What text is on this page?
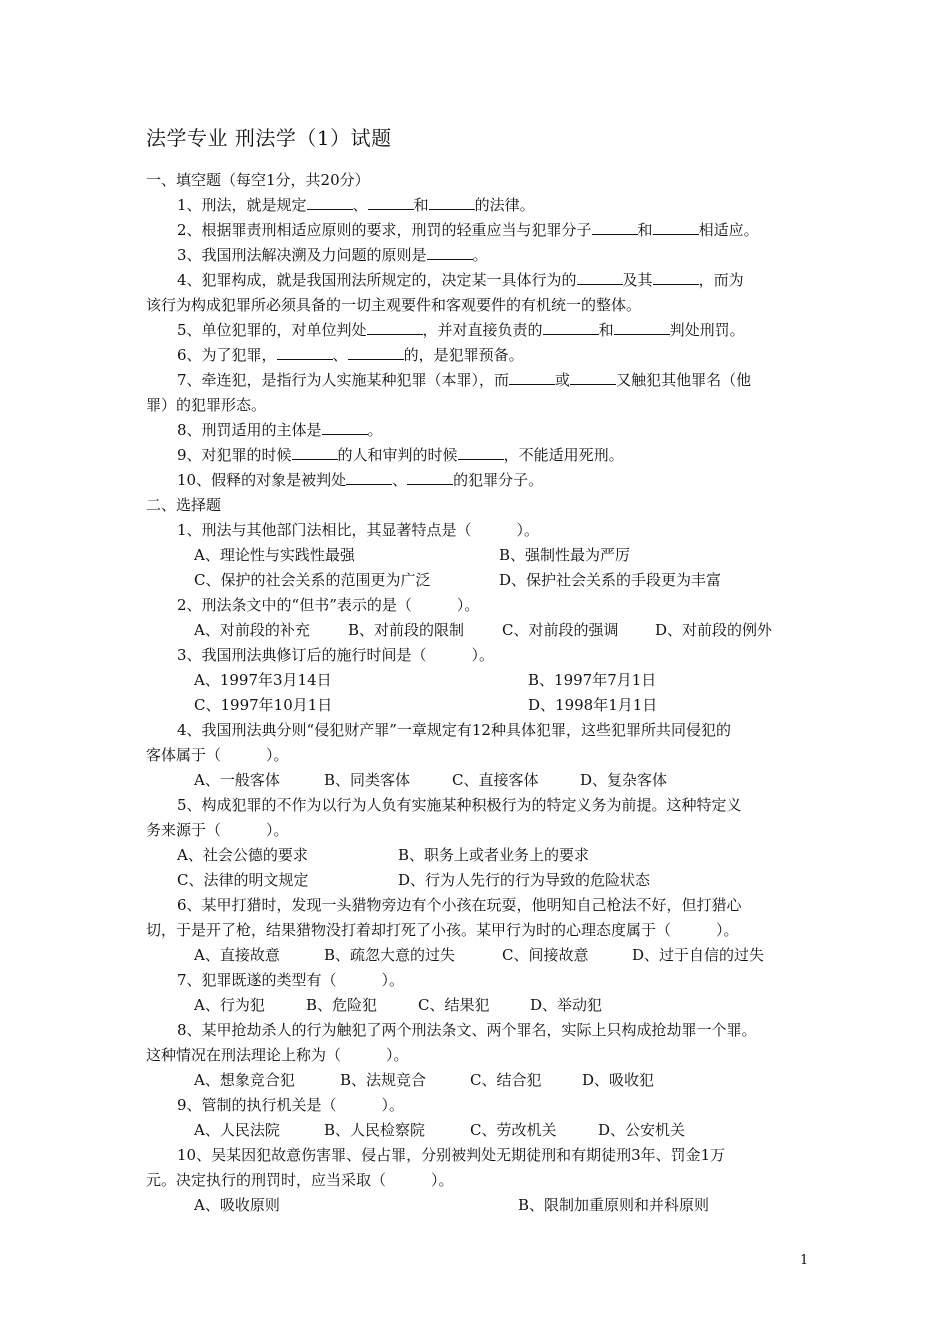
法学专业 刑法学（1）试题
一、填空题（每空1分，共20分）
1、刑法，就是规定	、	和	的法律。
2、根据罪责刑相适应原则的要求，刑罚的轻重应当与犯罪分子	和	相适应。
3、我国刑法解决溯及力问题的原则是	。
4、犯罪构成，就是我国刑法所规定的，决定某一具体行为的	及其	，而为
该行为构成犯罪所必须具备的一切主观要件和客观要件的有机统一的整体。
5、单位犯罪的，对单位判处	，并对直接负责的	和	判处刑罚。
6、为了犯罪，	、	的，是犯罪预备。
7、牵连犯，是指行为人实施某种犯罪（本罪），而	或	又触犯其他罪名（他
罪）的犯罪形态。
8、刑罚适用的主体是	。
9、对犯罪的时候	的人和审判的时候	，不能适用死刑。
10、假释的对象是被判处	、	的犯罪分子。
二、选择题
1、刑法与其他部门法相比，其显著特点是（　　　）。
A、理论性与实践性最强	B、强制性最为严厉
C、保护的社会关系的范围更为广泛	D、保护社会关系的手段更为丰富
2、刑法条文中的“但书”表示的是（　　　）。
A、对前段的补充	B、对前段的限制	C、对前段的强调 D、对前段的例外
3、我国刑法典修订后的施行时间是（　　　）。
A、1997年3月14日	B、1997年7月1日
C、1997年10月1日	D、1998年1月1日
4、我国刑法典分则“侵犯财产罪”一章规定有12种具体犯罪，这些犯罪所共同侵犯的
客体属于（　　　）。
A、一般客体	B、同类客体	C、直接客体	D、复杂客体
5、构成犯罪的不作为以行为人负有实施某种积极行为的特定义务为前提。这种特定义
务来源于（　　　）。
A、社会公德的要求	B、职务上或者业务上的要求
C、法律的明文规定	D、行为人先行的行为导致的危险状态
6、某甲打猎时，发现一头猎物旁边有个小孩在玩耍，他明知自己枪法不好，但打猎心
切，于是开了枪，结果猎物没打着却打死了小孩。某甲行为时的心理态度属于（　　　）。
A、直接故意	B、疏忽大意的过失	C、间接故意	D、过于自信的过失
7、犯罪既遂的类型有（　　　）。
A、行为犯	B、危险犯	C、结果犯	D、举动犯
8、某甲抢劫杀人的行为触犯了两个刑法条文、两个罪名，实际上只构成抢劫罪一个罪。
这种情况在刑法理论上称为（　　　）。
A、想象竞合犯	B、法规竞合	C、结合犯	D、吸收犯
9、管制的执行机关是（　　　）。
A、人民法院	B、人民检察院	C、劳改机关	D、公安机关
10、吴某因犯故意伤害罪、侵占罪，分别被判处无期徒刑和有期徒刑3年、罚金1万
元。决定执行的刑罚时，应当采取（　　　）。
A、吸收原则	B、限制加重原则和并科原则
1
